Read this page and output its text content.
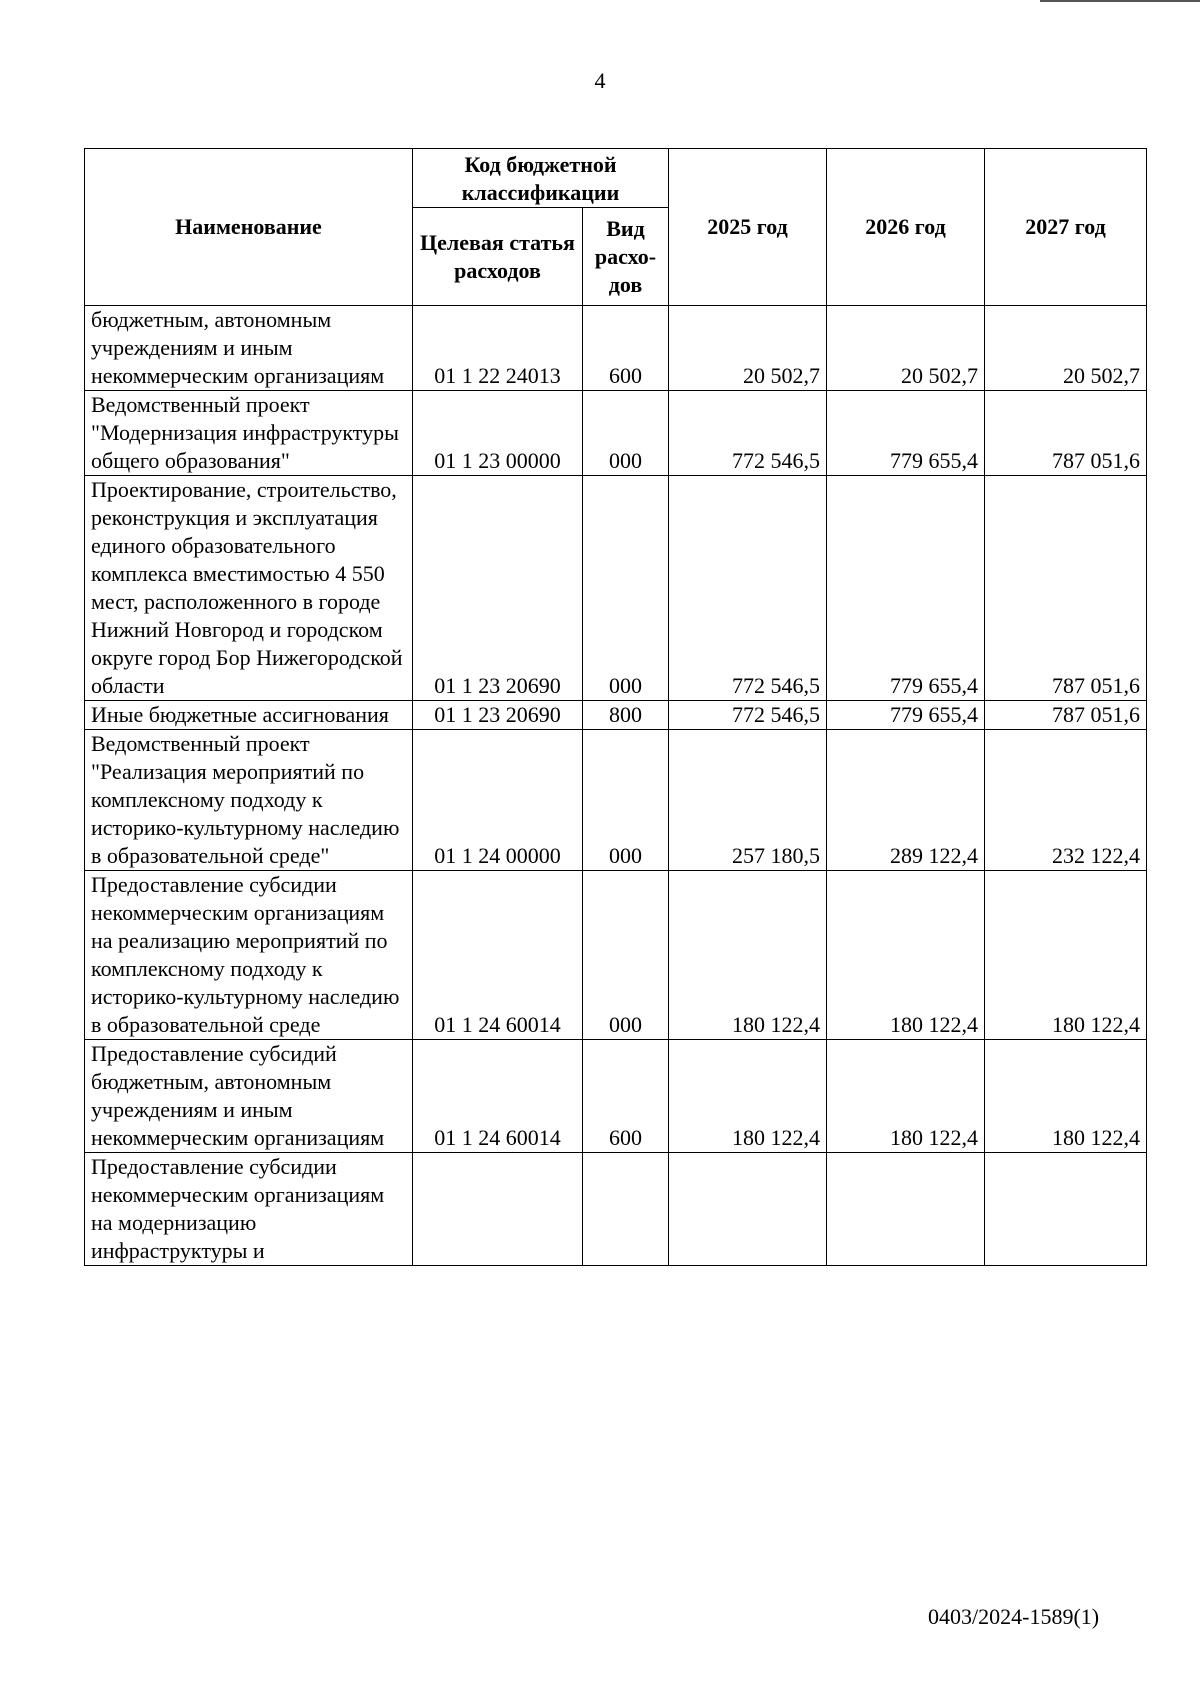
4
Наименование	Код бюджетной классификации		2025 год	2026 год	2027 год
	Целевая статья расходов	Вид расхо-дов			
бюджетным, автономным учреждениям и иным некоммерческим организациям	01 1 22 24013	600	20 502,7	20 502,7	20 502,7
Ведомственный проект "Модернизация инфраструктуры общего образования"	01 1 23 00000	000	772 546,5	779 655,4	787 051,6
Проектирование, строительство, реконструкция и эксплуатация единого образовательного комплекса вместимостью 4 550 мест, расположенного в городе Нижний Новгород и городском округе город Бор Нижегородской области	01 1 23 20690	000	772 546,5	779 655,4	787 051,6
Иные бюджетные ассигнования	01 1 23 20690	800	772 546,5	779 655,4	787 051,6
Ведомственный проект "Реализация мероприятий по комплексному подходу к историко-культурному наследию в образовательной среде"	01 1 24 00000	000	257 180,5	289 122,4	232 122,4
Предоставление субсидии некоммерческим организациям на реализацию мероприятий по комплексному подходу к историко-культурному наследию в образовательной среде	01 1 24 60014	000	180 122,4	180 122,4	180 122,4
Предоставление субсидий бюджетным, автономным учреждениям и иным некоммерческим организациям	01 1 24 60014	600	180 122,4	180 122,4	180 122,4
Предоставление субсидии некоммерческим организациям на модернизацию инфраструктуры и					
0403/2024-1589(1)
